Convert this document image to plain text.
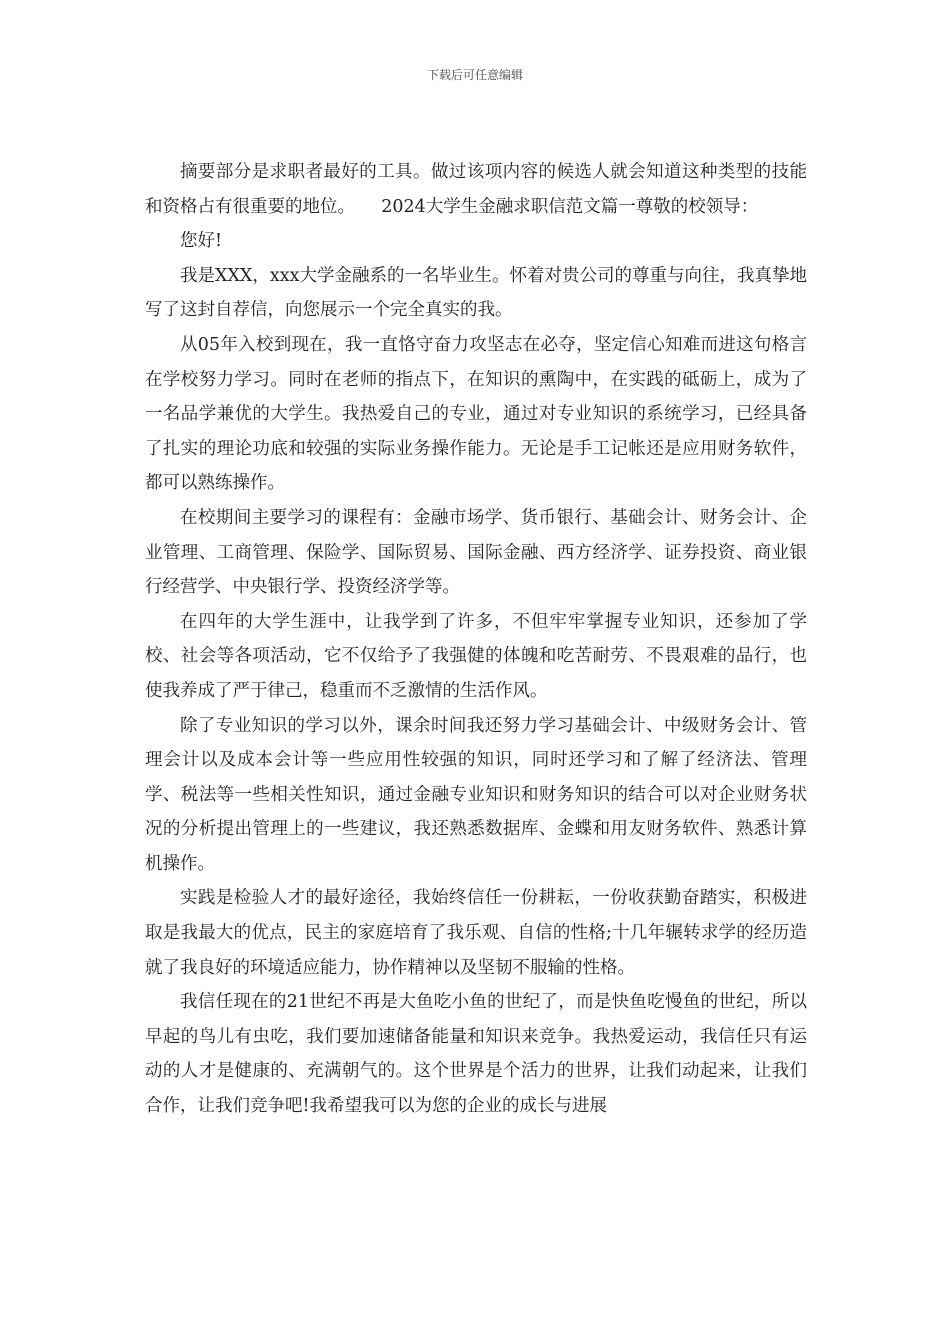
下载后可任意编辑

摘要部分是求职者最好的工具。做过该项内容的候选人就会知道这种类型的技能和资格占有很重要的地位。　　2024大学生金融求职信范文篇一尊敬的校领导：

您好!

我是XXX，xxx大学金融系的一名毕业生。怀着对贵公司的尊重与向往，我真挚地写了这封自荐信，向您展示一个完全真实的我。

从05年入校到现在，我一直恪守奋力攻坚志在必夺，坚定信心知难而进这句格言在学校努力学习。同时在老师的指点下，在知识的熏陶中，在实践的砥砺上，成为了一名品学兼优的大学生。我热爱自己的专业，通过对专业知识的系统学习，已经具备了扎实的理论功底和较强的实际业务操作能力。无论是手工记帐还是应用财务软件，都可以熟练操作。

在校期间主要学习的课程有：金融市场学、货币银行、基础会计、财务会计、企业管理、工商管理、保险学、国际贸易、国际金融、西方经济学、证券投资、商业银行经营学、中央银行学、投资经济学等。

在四年的大学生涯中，让我学到了许多，不但牢牢掌握专业知识，还参加了学校、社会等各项活动，它不仅给予了我强健的体魄和吃苦耐劳、不畏艰难的品行，也使我养成了严于律己，稳重而不乏激情的生活作风。

除了专业知识的学习以外，课余时间我还努力学习基础会计、中级财务会计、管理会计以及成本会计等一些应用性较强的知识，同时还学习和了解了经济法、管理学、税法等一些相关性知识，通过金融专业知识和财务知识的结合可以对企业财务状况的分析提出管理上的一些建议，我还熟悉数据库、金蝶和用友财务软件、熟悉计算机操作。

实践是检验人才的最好途径，我始终信任一份耕耘，一份收获勤奋踏实，积极进取是我最大的优点，民主的家庭培育了我乐观、自信的性格;十几年辗转求学的经历造就了我良好的环境适应能力，协作精神以及坚韧不服输的性格。

我信任现在的21世纪不再是大鱼吃小鱼的世纪了，而是快鱼吃慢鱼的世纪，所以早起的鸟儿有虫吃，我们要加速储备能量和知识来竞争。我热爱运动，我信任只有运动的人才是健康的、充满朝气的。这个世界是个活力的世界，让我们动起来，让我们合作，让我们竞争吧!我希望我可以为您的企业的成长与进展
